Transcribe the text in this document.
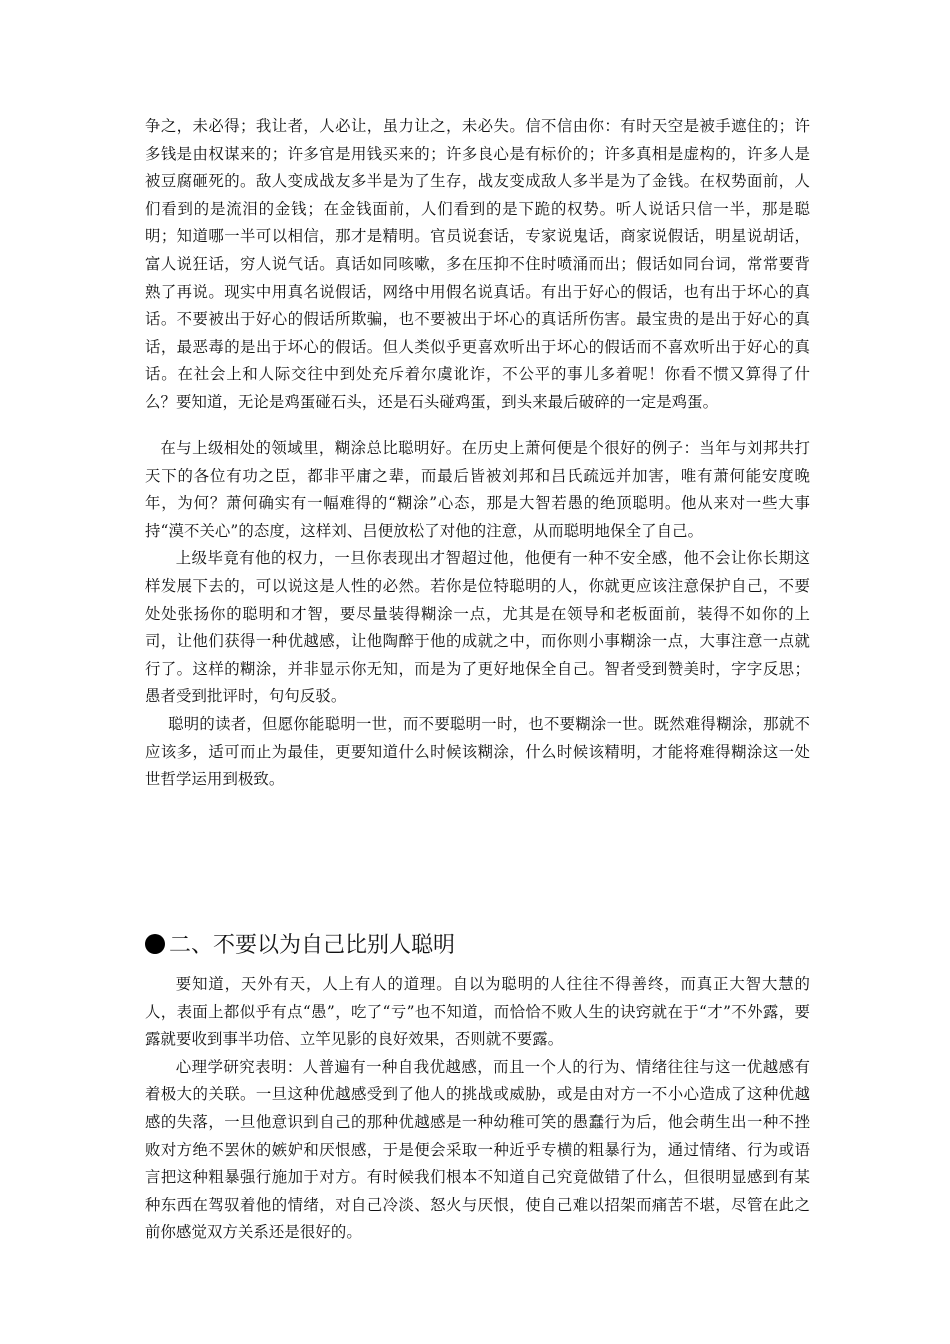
争之，未必得；我让者，人必让，虽力让之，未必失。信不信由你：有时天空是被手遮住的；许多钱是由权谋来的；许多官是用钱买来的；许多良心是有标价的；许多真相是虚构的，许多人是被豆腐砸死的。敌人变成战友多半是为了生存，战友变成敌人多半是为了金钱。在权势面前，人们看到的是流泪的金钱；在金钱面前，人们看到的是下跪的权势。听人说话只信一半，那是聪明；知道哪一半可以相信，那才是精明。官员说套话，专家说鬼话，商家说假话，明星说胡话，富人说狂话，穷人说气话。真话如同咳嗽，多在压抑不住时喷涌而出；假话如同台词，常常要背熟了再说。现实中用真名说假话，网络中用假名说真话。有出于好心的假话，也有出于坏心的真话。不要被出于好心的假话所欺骗，也不要被出于坏心的真话所伤害。最宝贵的是出于好心的真话，最恶毒的是出于坏心的假话。但人类似乎更喜欢听出于坏心的假话而不喜欢听出于好心的真话。在社会上和人际交往中到处充斥着尔虞讹诈，不公平的事儿多着呢！你看不惯又算得了什么？要知道，无论是鸡蛋碰石头，还是石头碰鸡蛋，到头来最后破碎的一定是鸡蛋。

在与上级相处的领域里，糊涂总比聪明好。在历史上萧何便是个很好的例子：当年与刘邦共打天下的各位有功之臣，都非平庸之辈，而最后皆被刘邦和吕氏疏远并加害，唯有萧何能安度晚年，为何？萧何确实有一幅难得的“糊涂”心态，那是大智若愚的绝顶聪明。他从来对一些大事持“漠不关心”的态度，这样刘、吕便放松了对他的注意，从而聪明地保全了自己。

上级毕竟有他的权力，一旦你表现出才智超过他，他便有一种不安全感，他不会让你长期这样发展下去的，可以说这是人性的必然。若你是位特聪明的人，你就更应该注意保护自己，不要处处张扬你的聪明和才智，要尽量装得糊涂一点，尤其是在领导和老板面前，装得不如你的上司，让他们获得一种优越感，让他陶醉于他的成就之中，而你则小事糊涂一点，大事注意一点就行了。这样的糊涂，并非显示你无知，而是为了更好地保全自己。智者受到赞美时，字字反思；愚者受到批评时，句句反驳。

聪明的读者，但愿你能聪明一世，而不要聪明一时，也不要糊涂一世。既然难得糊涂，那就不应该多，适可而止为最佳，更要知道什么时候该糊涂，什么时候该精明，才能将难得糊涂这一处世哲学运用到极致。

二、不要以为自己比别人聪明

要知道，天外有天，人上有人的道理。自以为聪明的人往往不得善终，而真正大智大慧的人，表面上都似乎有点“愚”，吃了“亏”也不知道，而恰恰不败人生的诀窍就在于“才”不外露，要露就要收到事半功倍、立竿见影的良好效果，否则就不要露。

心理学研究表明：人普遍有一种自我优越感，而且一个人的行为、情绪往往与这一优越感有着极大的关联。一旦这种优越感受到了他人的挑战或威胁，或是由对方一不小心造成了这种优越感的失落，一旦他意识到自己的那种优越感是一种幼稚可笑的愚蠢行为后，他会萌生出一种不挫败对方绝不罢休的嫉妒和厌恨感，于是便会采取一种近乎专横的粗暴行为，通过情绪、行为或语言把这种粗暴强行施加于对方。有时候我们根本不知道自己究竟做错了什么，但很明显感到有某种东西在驾驭着他的情绪，对自己冷淡、怒火与厌恨，使自己难以招架而痛苦不堪，尽管在此之前你感觉双方关系还是很好的。
